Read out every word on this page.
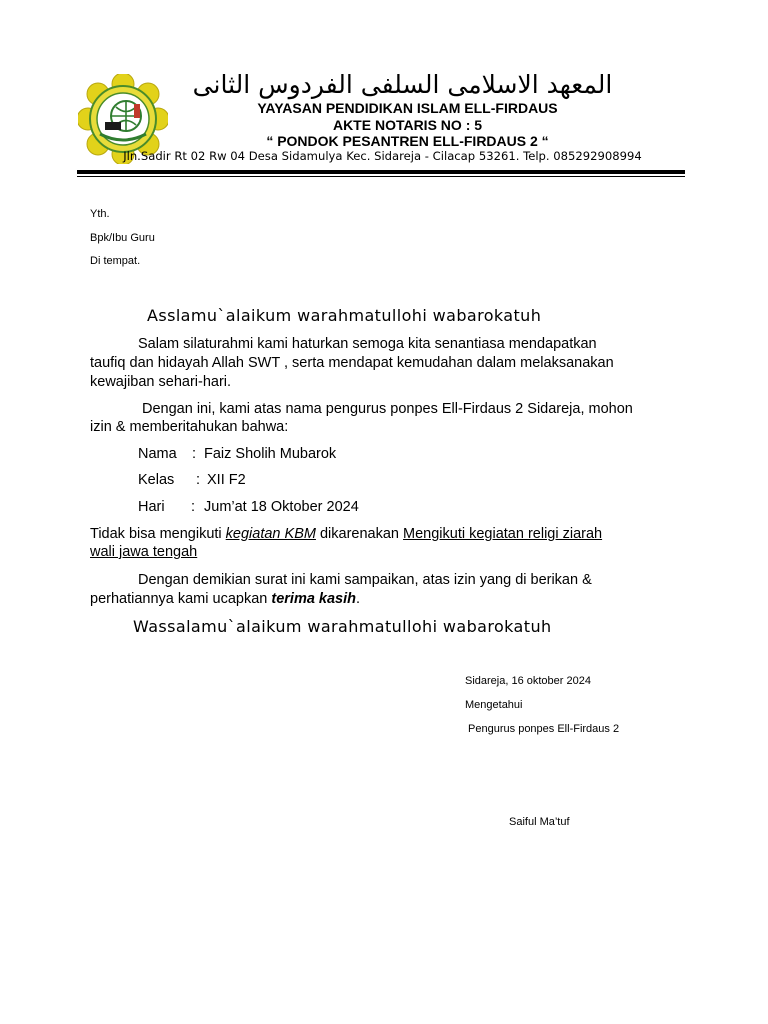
المعهد الاسلامى السلفى الفردوس الثانى
YAYASAN PENDIDIKAN ISLAM ELL-FIRDAUS
AKTE NOTARIS NO : 5
“ PONDOK PESANTREN ELL-FIRDAUS 2 “
Jln.Sadir Rt 02 Rw 04 Desa Sidamulya Kec. Sidareja - Cilacap 53261. Telp. 085292908994
Yth.
Bpk/Ibu Guru
Di tempat.
Asslamu`alaikum warahmatullohi wabarokatuh
Salam silaturahmi kami haturkan semoga kita senantiasa mendapatkan
taufiq dan hidayah Allah SWT , serta mendapat kemudahan dalam melaksanakan
kewajiban sehari-hari.
Dengan ini, kami atas nama pengurus ponpes Ell-Firdaus 2 Sidareja, mohon
izin & memberitahukan bahwa:
Nama : Faiz Sholih Mubarok
Kelas : XII F2
Hari : Jum’at 18 Oktober 2024
Tidak bisa mengikuti kegiatan KBM dikarenakan Mengikuti kegiatan religi ziarah
wali jawa tengah
Dengan demikian surat ini kami sampaikan, atas izin yang di berikan &
perhatiannya kami ucapkan terima kasih.
Wassalamu`alaikum warahmatullohi wabarokatuh
Sidareja, 16 oktober 2024
Mengetahui
Pengurus ponpes Ell-Firdaus 2
Saiful Ma’tuf
